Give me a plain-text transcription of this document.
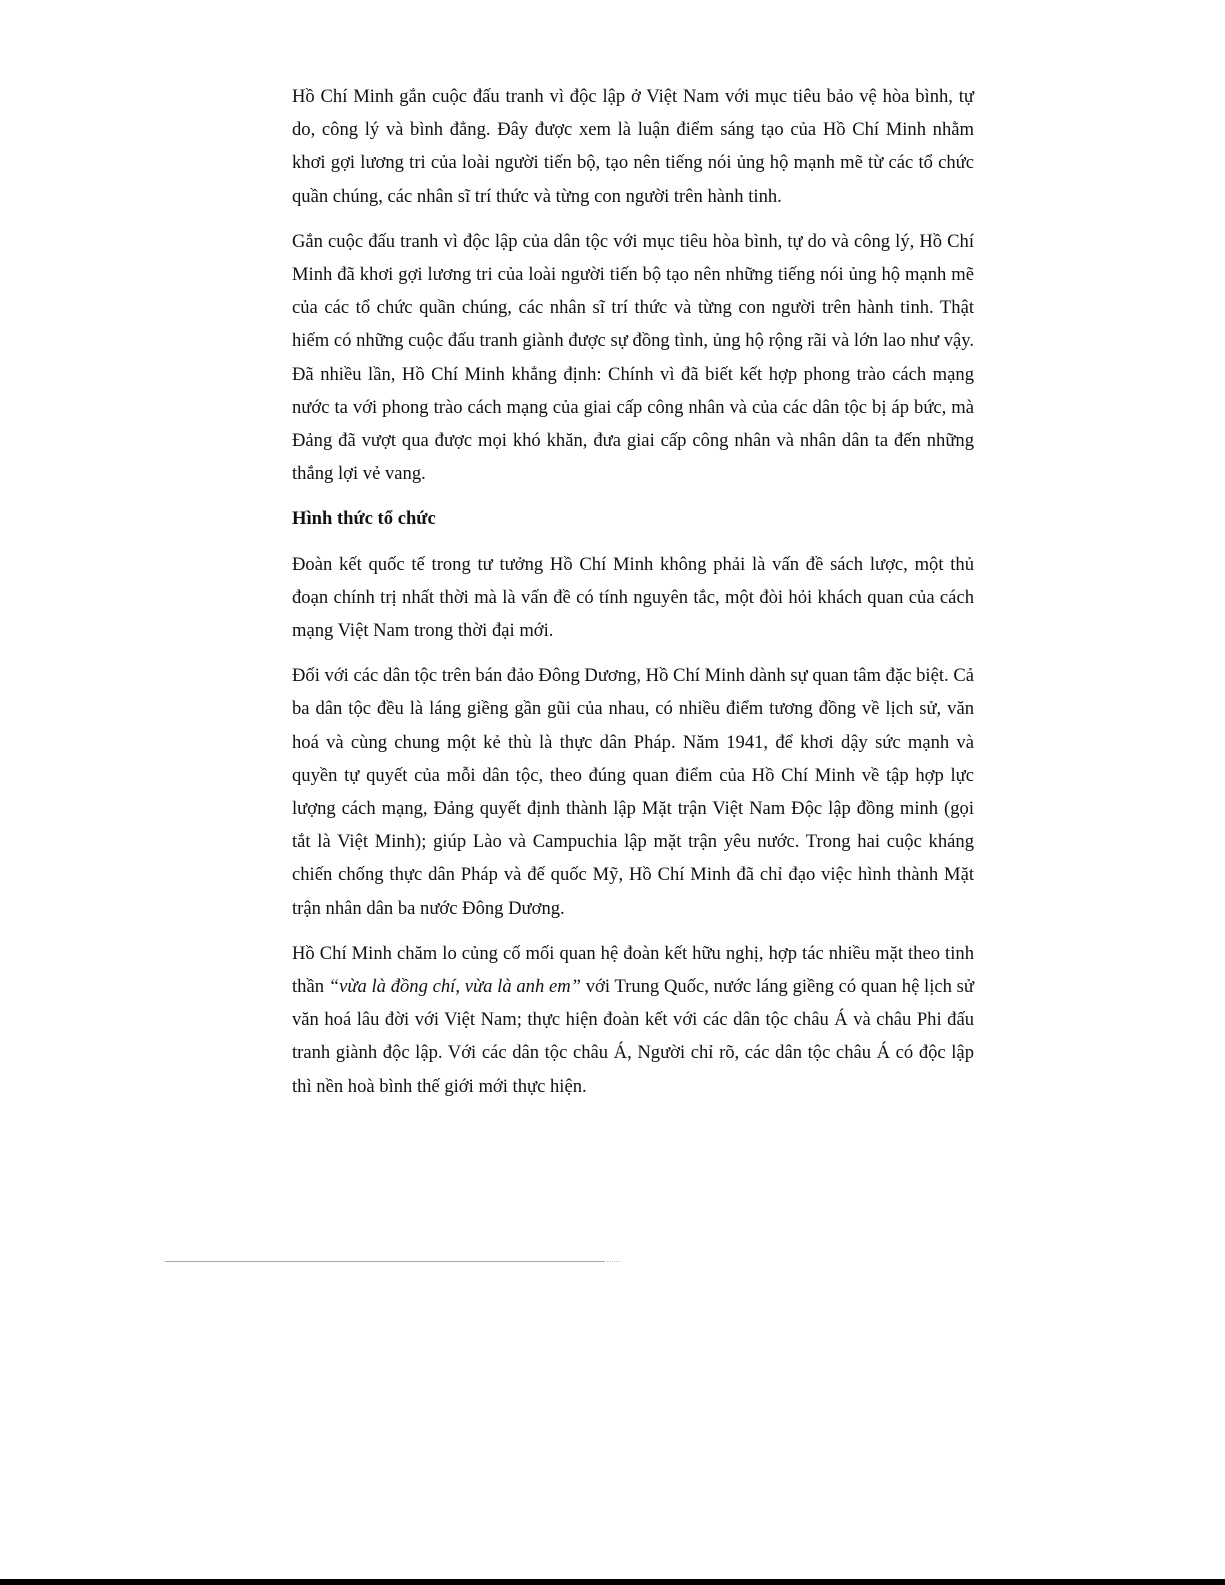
Hồ Chí Minh gắn cuộc đấu tranh vì độc lập ở Việt Nam với mục tiêu bảo vệ hòa bình, tự do, công lý và bình đẳng. Đây được xem là luận điểm sáng tạo của Hồ Chí Minh nhằm khơi gợi lương tri của loài người tiến bộ, tạo nên tiếng nói ủng hộ mạnh mẽ từ các tổ chức quần chúng, các nhân sĩ trí thức và từng con người trên hành tinh.

Gắn cuộc đấu tranh vì độc lập của dân tộc với mục tiêu hòa bình, tự do và công lý, Hồ Chí Minh đã khơi gợi lương tri của loài người tiến bộ tạo nên những tiếng nói ủng hộ mạnh mẽ của các tổ chức quần chúng, các nhân sĩ trí thức và từng con người trên hành tinh. Thật hiếm có những cuộc đấu tranh giành được sự đồng tình, ủng hộ rộng rãi và lớn lao như vậy. Đã nhiều lần, Hồ Chí Minh khẳng định: Chính vì đã biết kết hợp phong trào cách mạng nước ta với phong trào cách mạng của giai cấp công nhân và của các dân tộc bị áp bức, mà Đảng đã vượt qua được mọi khó khăn, đưa giai cấp công nhân và nhân dân ta đến những thắng lợi vẻ vang.

Hình thức tổ chức

Đoàn kết quốc tế trong tư tưởng Hồ Chí Minh không phải là vấn đề sách lược, một thủ đoạn chính trị nhất thời mà là vấn đề có tính nguyên tắc, một đòi hỏi khách quan của cách mạng Việt Nam trong thời đại mới.

Đối với các dân tộc trên bán đảo Đông Dương, Hồ Chí Minh dành sự quan tâm đặc biệt. Cả ba dân tộc đều là láng giềng gần gũi của nhau, có nhiều điểm tương đồng về lịch sử, văn hoá và cùng chung một kẻ thù là thực dân Pháp. Năm 1941, để khơi dậy sức mạnh và quyền tự quyết của mỗi dân tộc, theo đúng quan điểm của Hồ Chí Minh về tập hợp lực lượng cách mạng, Đảng quyết định thành lập Mặt trận Việt Nam Độc lập đồng minh (gọi tắt là Việt Minh); giúp Lào và Campuchia lập mặt trận yêu nước. Trong hai cuộc kháng chiến chống thực dân Pháp và đế quốc Mỹ, Hồ Chí Minh đã chỉ đạo việc hình thành Mặt trận nhân dân ba nước Đông Dương.

Hồ Chí Minh chăm lo củng cố mối quan hệ đoàn kết hữu nghị, hợp tác nhiều mặt theo tinh thần “vừa là đồng chí, vừa là anh em” với Trung Quốc, nước láng giềng có quan hệ lịch sử văn hoá lâu đời với Việt Nam; thực hiện đoàn kết với các dân tộc châu Á và châu Phi đấu tranh giành độc lập. Với các dân tộc châu Á, Người chỉ rõ, các dân tộc châu Á có độc lập thì nền hoà bình thế giới mới thực hiện.
